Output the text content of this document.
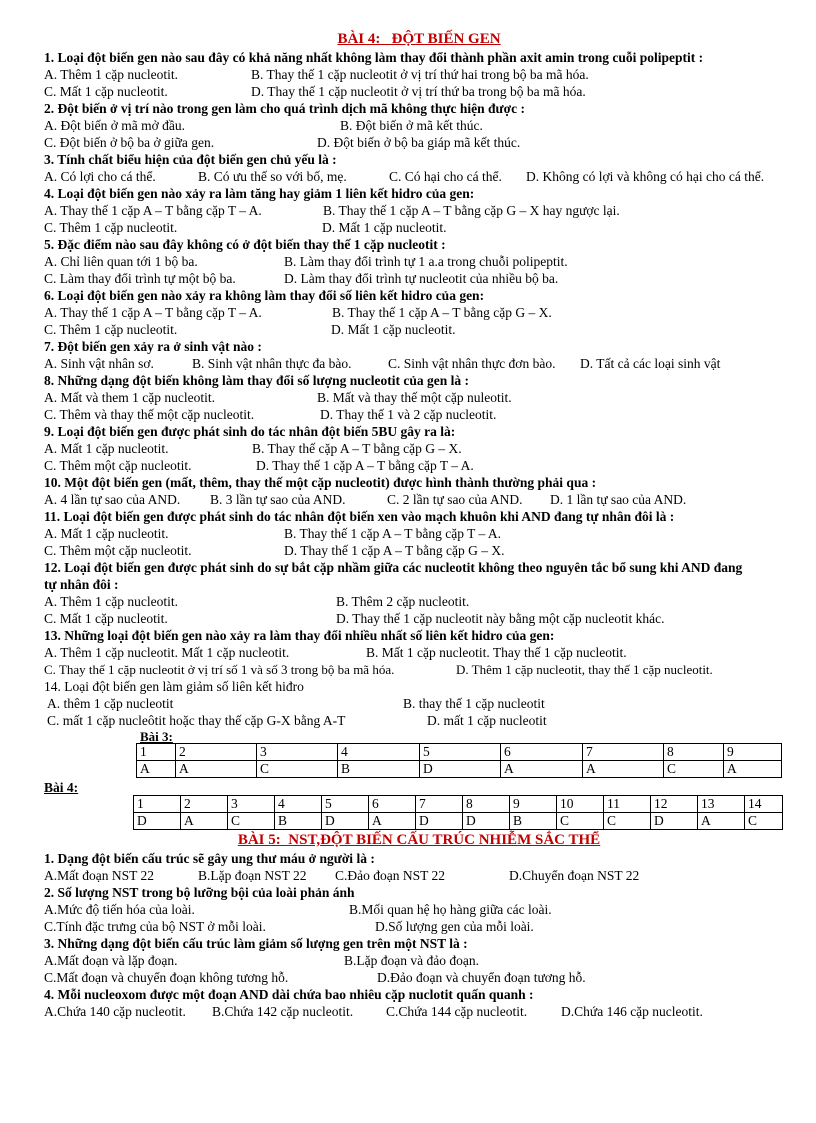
BÀI 4: ĐỘT BIẾN GEN
1. Loại đột biến gen nào sau đây có khả năng nhất không làm thay đổi thành phần axit amin trong cuỗi polipeptit :
A. Thêm 1 cặp nucleotit.	B. Thay thế 1 cặp nucleotit ở vị trí thứ hai trong bộ ba mã hóa.
C. Mất 1 cặp nucleotit.	D. Thay thế 1 cặp nucleotit ở vị trí thứ ba trong bộ ba mã hóa.
2. Đột biến ở vị trí nào trong gen làm cho quá trình dịch mã không thực hiện được :
A. Đột biến ở mã mở đầu.	B. Đột biến ở mã kết thúc.
C. Đột biến ở bộ ba ở giữa gen.	D. Đột biến ở bộ ba giáp mã kết thúc.
3. Tính chất biểu hiện của đột biến gen chủ yếu là :
A. Có lợi cho cá thể.	B. Có ưu thế so với bố, mẹ.	C. Có hại cho cá thể. D. Không có lợi và không có hại cho cá thể.
4. Loại đột biến gen nào xảy ra làm tăng hay giảm 1 liên kết hidro của gen:
A. Thay thế 1 cặp A – T bằng cặp T – A.	B. Thay thế 1 cặp A – T bằng cặp G – X hay ngược lại.
C. Thêm 1 cặp nucleotit.	D. Mất 1 cặp nucleotit.
5. Đặc điểm nào sau đây không có ở đột biến thay thế 1 cặp nucleotit :
A. Chỉ liên quan tới 1 bộ ba.	B. Làm thay đổi trình tự 1 a.a trong chuỗi polipeptit.
C. Làm thay đổi trình tự một bộ ba.	D. Làm thay đổi trình tự nucleotit của nhiều bộ ba.
6. Loại đột biến gen nào xảy ra không làm thay đổi số liên kết hidro của gen:
A. Thay thế 1 cặp A – T bằng cặp T – A.	B. Thay thế 1 cặp A – T bằng cặp G – X.
C. Thêm 1 cặp nucleotit.	D. Mất 1 cặp nucleotit.
7. Đột biến gen xảy ra ở sinh vật nào :
A. Sinh vật nhân sơ.	B. Sinh vật nhân thực đa bào.	C. Sinh vật nhân thực đơn bào. D. Tất cả các loại sinh vật
8. Những dạng đột biến không làm thay đổi số lượng nucleotit của gen là :
A. Mất và them 1 cặp nucleotit.	B. Mất và thay thế một cặp nuleotit.
C. Thêm và thay thế một cặp nucleotit.	D. Thay thế 1 và 2 cặp nucleotit.
9. Loại đột biến gen được phát sinh do tác nhân đột biến 5BU gây ra là:
A. Mất 1 cặp nucleotit.	B. Thay thế cặp A – T bằng cặp G – X.
C. Thêm một cặp nucleotit.	D. Thay thế 1 cặp A – T bằng cặp T – A.
10. Một đột biến gen (mất, thêm, thay thế một cặp nucleotit) được hình thành thường phải qua :
A. 4 lần tự sao của AND. B. 3 lần tự sao của AND.	C. 2 lần tự sao của AND. D. 1 lần tự sao của AND.
11. Loại đột biến gen được phát sinh do tác nhân đột biến xen vào mạch khuôn khi AND đang tự nhân đôi là :
A. Mất 1 cặp nucleotit.	B. Thay thế 1 cặp A – T bằng cặp T – A.
C. Thêm một cặp nucleotit.	D. Thay thế 1 cặp A – T bằng cặp G – X.
12. Loại đột biến gen được phát sinh do sự bắt cặp nhầm giữa các nucleotit không theo nguyên tắc bổ sung khi AND đang tự nhân đôi :
A. Thêm 1 cặp nucleotit.	B. Thêm 2 cặp nucleotit.
C. Mất 1 cặp nucleotit.	D. Thay thế 1 cặp nucleotit này bằng một cặp nucleotit khác.
13. Những loại đột biến gen nào xảy ra làm thay đổi nhiều nhất số liên kết hidro của gen:
A. Thêm 1 cặp nucleotit. Mất 1 cặp nucleotit.	B. Mất 1 cặp nucleotit. Thay thế 1 cặp nucleotit.
C. Thay thế 1 cặp nucleotit ở vị trí số 1 và số 3 trong bộ ba mã hóa.	D. Thêm 1 cặp nucleotit, thay thế 1 cặp nucleotit.
14. Loại đột biến gen làm giảm số liên kết hiđro
A. thêm 1 cặp nucleotit	B. thay thế 1 cặp nucleotit
C. mất 1 cặp nucleôtit hoặc thay thế cặp G-X bằng A-T	D. mất 1 cặp nucleotit
Bài 3:
1	2	3	4	5	6	7	8	9
A	A	C	B	D	A	A	C	A
Bài 4:
1	2	3	4	5	6	7	8	9	10	11	12	13	14
D	A	C	B	D	A	D	D	B	C	C	D	A	C
BÀI 5: NST,ĐỘT BIẾN CẤU TRÚC NHIỄM SẮC THỂ
1. Dạng đột biến cấu trúc sẽ gây ung thư máu ở người là :
A.Mất đoạn NST 22	B.Lặp đoạn NST 22 C.Đảo đoạn NST 22	D.Chuyển đoạn NST 22
2. Số lượng NST trong bộ lưỡng bội của loài phản ánh
A.Mức độ tiến hóa của loài.	B.Mối quan hệ họ hàng giữa các loài.
C.Tính đặc trưng của bộ NST ở mỗi loài.	D.Số lượng gen của mỗi loài.
3. Những dạng đột biến cấu trúc làm giảm số lượng gen trên một NST là :
A.Mất đoạn và lặp đoạn.	B.Lặp đoạn và đảo đoạn.
C.Mất đoạn và chuyển đoạn không tương hỗ.	D.Đảo đoạn và chuyển đoạn tương hỗ.
4. Mỗi nucleoxom được một đoạn AND dài chứa bao nhiêu cặp nuclotit quấn quanh :
A.Chứa 140 cặp nucleotit. B.Chứa 142 cặp nucleotit. C.Chứa 144 cặp nucleotit.	D.Chứa 146 cặp nucleotit.
